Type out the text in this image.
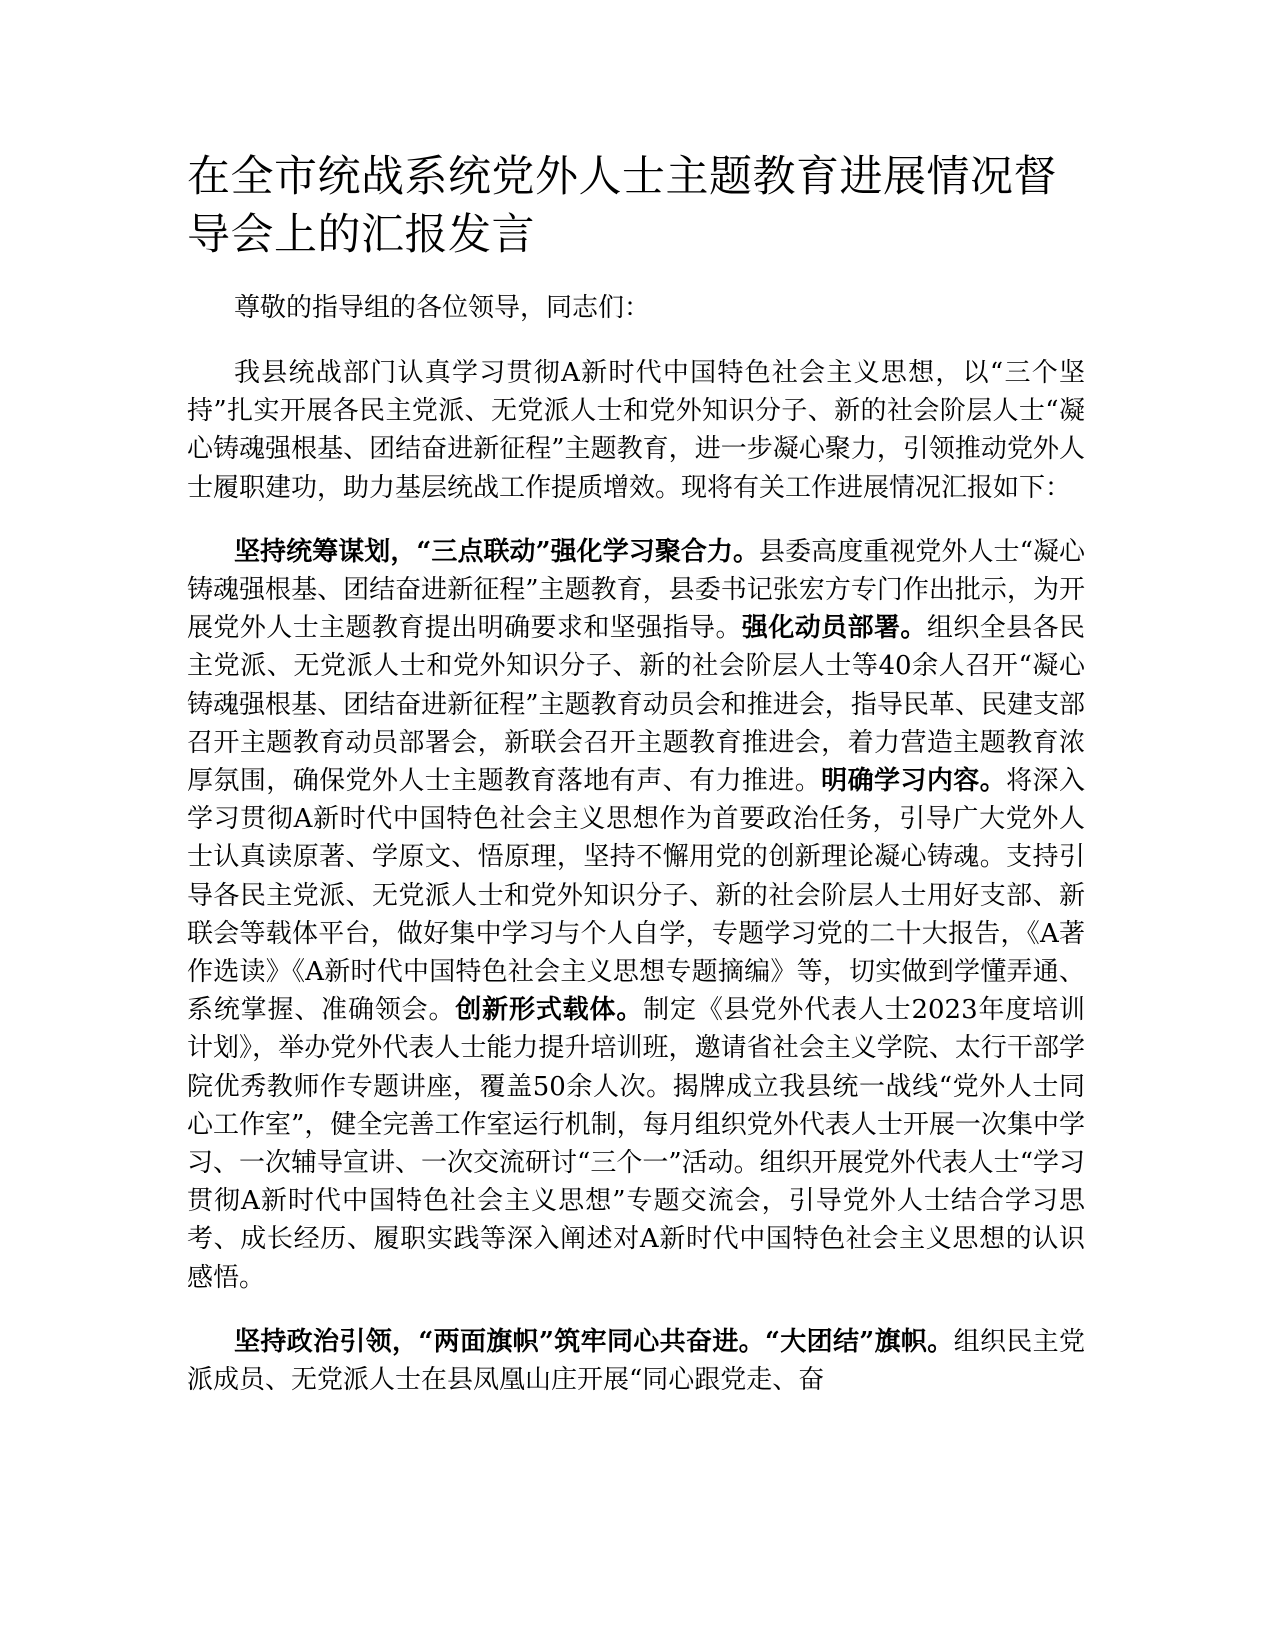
在全市统战系统党外人士主题教育进展情况督导会上的汇报发言

尊敬的指导组的各位领导，同志们：

我县统战部门认真学习贯彻A新时代中国特色社会主义思想，以“三个坚持”扎实开展各民主党派、无党派人士和党外知识分子、新的社会阶层人士“凝心铸魂强根基、团结奋进新征程”主题教育，进一步凝心聚力，引领推动党外人士履职建功，助力基层统战工作提质增效。现将有关工作进展情况汇报如下：

坚持统筹谋划，“三点联动”强化学习聚合力。县委高度重视党外人士“凝心铸魂强根基、团结奋进新征程”主题教育，县委书记张宏方专门作出批示，为开展党外人士主题教育提出明确要求和坚强指导。强化动员部署。组织全县各民主党派、无党派人士和党外知识分子、新的社会阶层人士等40余人召开“凝心铸魂强根基、团结奋进新征程”主题教育动员会和推进会，指导民革、民建支部召开主题教育动员部署会，新联会召开主题教育推进会，着力营造主题教育浓厚氛围，确保党外人士主题教育落地有声、有力推进。明确学习内容。将深入学习贯彻A新时代中国特色社会主义思想作为首要政治任务，引导广大党外人士认真读原著、学原文、悟原理，坚持不懈用党的创新理论凝心铸魂。支持引导各民主党派、无党派人士和党外知识分子、新的社会阶层人士用好支部、新联会等载体平台，做好集中学习与个人自学，专题学习党的二十大报告，《A著作选读》《A新时代中国特色社会主义思想专题摘编》等，切实做到学懂弄通、系统掌握、准确领会。创新形式载体。制定《县党外代表人士2023年度培训计划》，举办党外代表人士能力提升培训班，邀请省社会主义学院、太行干部学院优秀教师作专题讲座，覆盖50余人次。揭牌成立我县统一战线“党外人士同心工作室”，健全完善工作室运行机制，每月组织党外代表人士开展一次集中学习、一次辅导宣讲、一次交流研讨“三个一”活动。组织开展党外代表人士“学习贯彻A新时代中国特色社会主义思想”专题交流会，引导党外人士结合学习思考、成长经历、履职实践等深入阐述对A新时代中国特色社会主义思想的认识感悟。

坚持政治引领，“两面旗帜”筑牢同心共奋进。“大团结”旗帜。组织民主党派成员、无党派人士在县凤凰山庄开展“同心跟党走、奋
